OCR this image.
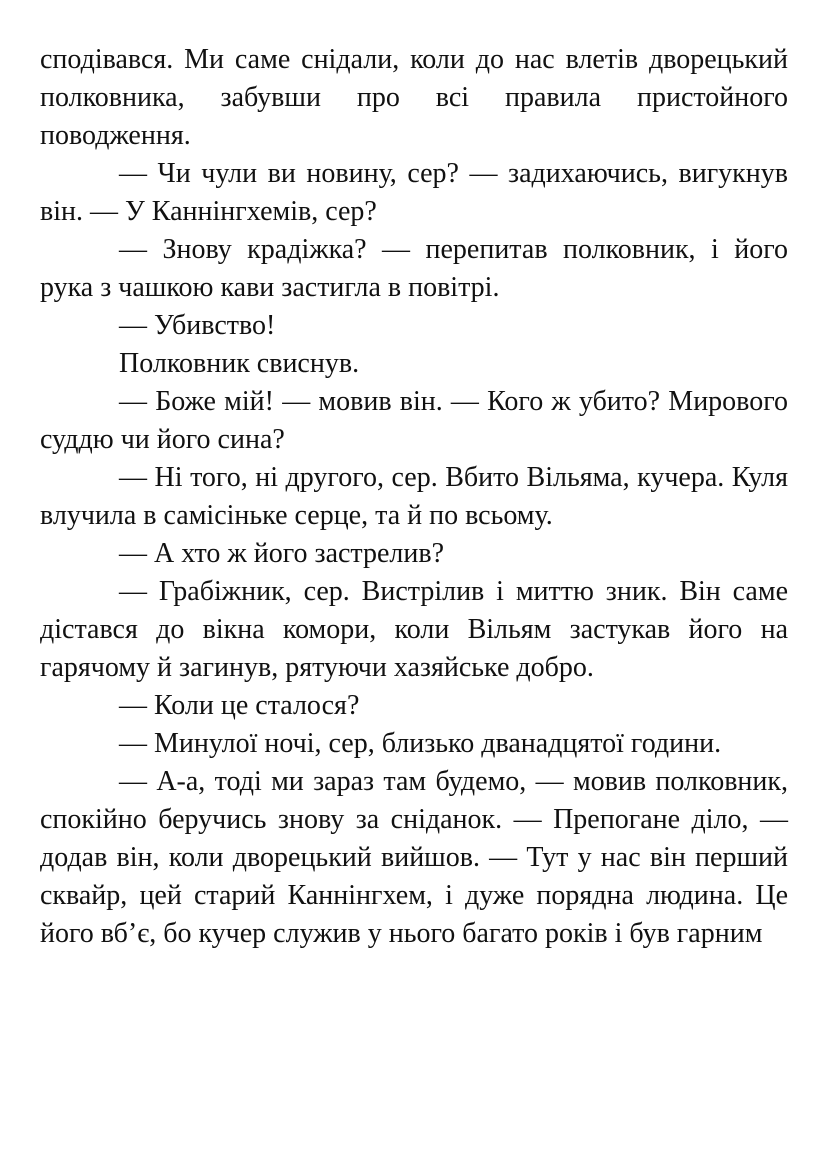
сподівався. Ми саме снідали, коли до нас влетів дворецький полковника, забувши про всі правила пристойного поводження.

— Чи чули ви новину, сер? — задихаючись, вигукнув він. — У Каннінгхемів, сер?

— Знову крадіжка? — перепитав полковник, і його рука з чашкою кави застигла в повітрі.

— Убивство!

Полковник свиснув.

— Боже мій! — мовив він. — Кого ж убито? Мирового суддю чи його сина?

— Ні того, ні другого, сер. Вбито Вільяма, кучера. Куля влучила в самісіньке серце, та й по всьому.

— А хто ж його застрелив?

— Грабіжник, сер. Вистрілив і миттю зник. Він саме дістався до вікна комори, коли Вільям застукав його на гарячому й загинув, рятуючи хазяйське добро.

— Коли це сталося?

— Минулої ночі, сер, близько дванадцятої години.

— А-а, тоді ми зараз там будемо, — мовив полковник, спокійно беручись знову за сніданок. — Препогане діло, — додав він, коли дворецький вийшов. — Тут у нас він перший сквайр, цей старий Каннінгхем, і дуже порядна людина. Це його вб’є, бо кучер служив у нього багато років і був гарним
